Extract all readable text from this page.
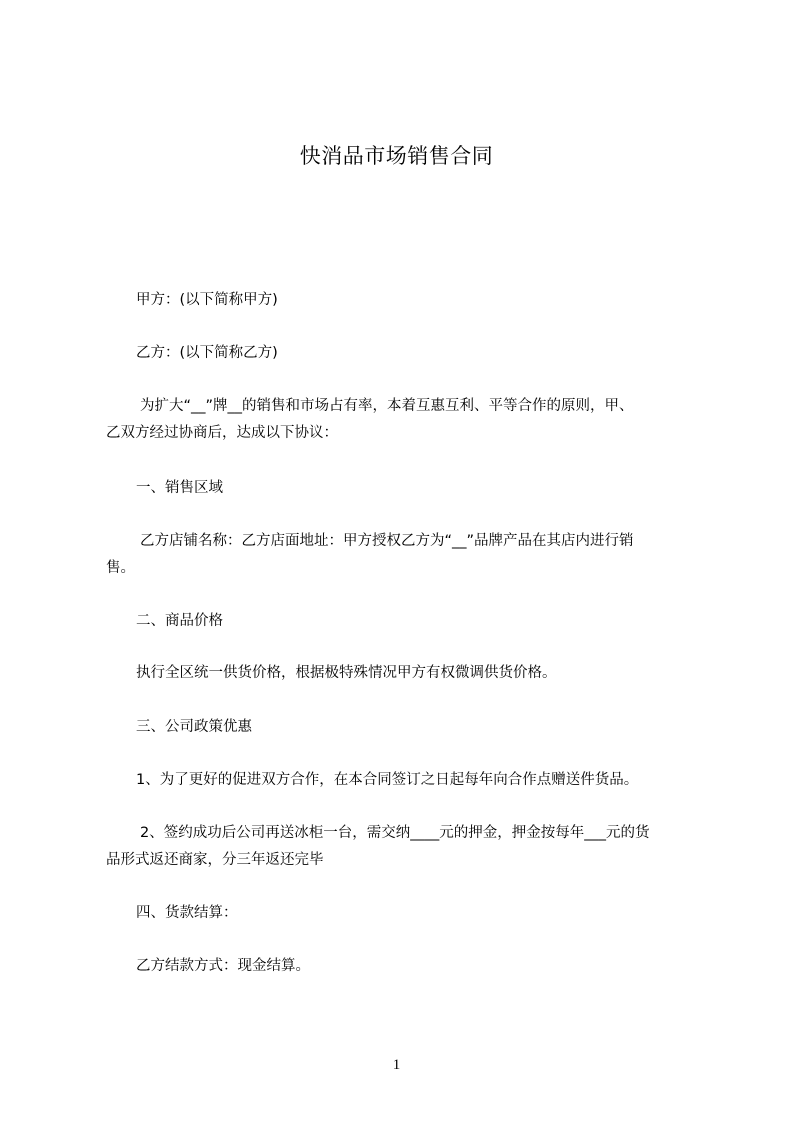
快消品市场销售合同
甲方：(以下简称甲方)
乙方：(以下简称乙方)
为扩大“__”牌__的销售和市场占有率，本着互惠互利、平等合作的原则，甲、
乙双方经过协商后，达成以下协议：
一、销售区域
乙方店铺名称：乙方店面地址：甲方授权乙方为“__”品牌产品在其店内进行销
售。
二、商品价格
执行全区统一供货价格，根据极特殊情况甲方有权微调供货价格。
三、公司政策优惠
1、为了更好的促进双方合作，在本合同签订之日起每年向合作点赠送件货品。
2、签约成功后公司再送冰柜一台，需交纳____元的押金，押金按每年___元的货
品形式返还商家，分三年返还完毕
四、货款结算：
乙方结款方式：现金结算。
1
